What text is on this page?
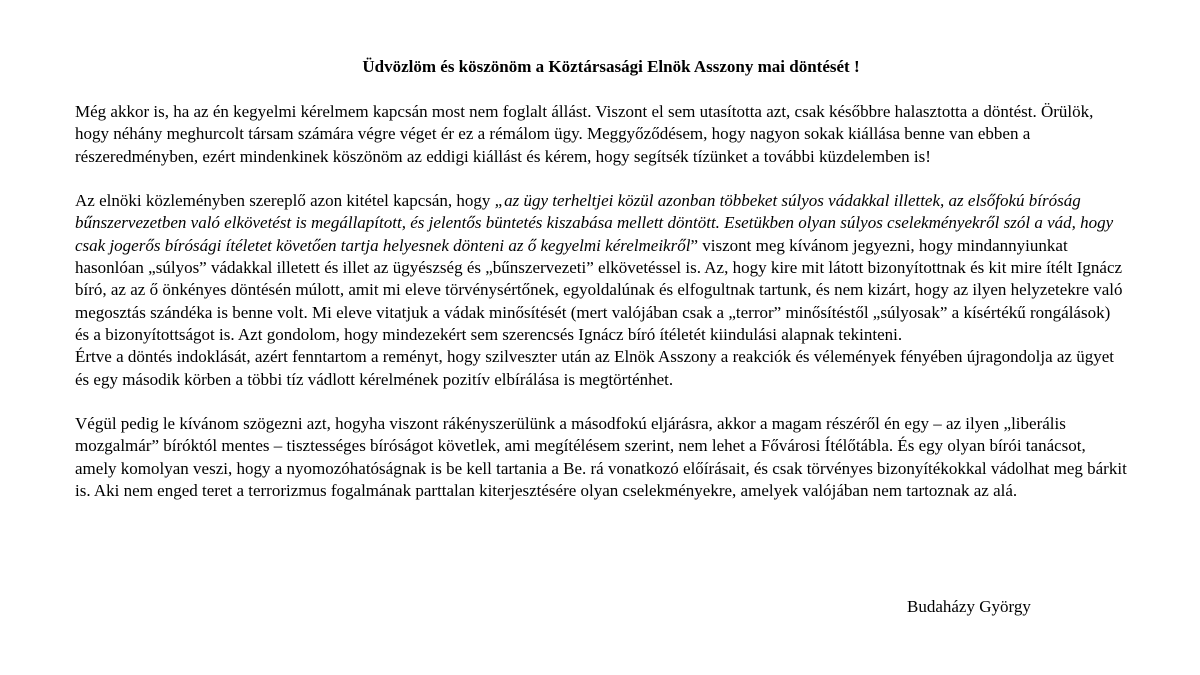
Üdvözlöm és köszönöm a Köztársasági Elnök Asszony mai döntését !
Még akkor is, ha az én kegyelmi kérelmem kapcsán most nem foglalt állást. Viszont el sem utasította azt, csak későbbre halasztotta a döntést. Örülök, hogy néhány meghurcolt társam számára végre véget ér ez a rémálom ügy. Meggyőződésem, hogy nagyon sokak kiállása benne van ebben a részeredményben, ezért mindenkinek köszönöm az eddigi kiállást és kérem, hogy segítsék tízünket a további küzdelemben is!
Az elnöki közleményben szereplő azon kitétel kapcsán, hogy „az ügy terheltjei közül azonban többeket súlyos vádakkal illettek, az elsőfokú bíróság bűnszervezetben való elkövetést is megállapított, és jelentős büntetés kiszabása mellett döntött. Esetükben olyan súlyos cselekményekről szól a vád, hogy csak jogerős bírósági ítéletet követően tartja helyesnek dönteni az ő kegyelmi kérelmeikről” viszont meg kívánom jegyezni, hogy mindannyiunkat hasonlóan „súlyos” vádakkal illetett és illet az ügyészség és „bűnszervezeti” elkövetéssel is. Az, hogy kire mit látott bizonyítottnak és kit mire ítélt Ignácz bíró, az az ő önkényes döntésén múlott, amit mi eleve törvénysértőnek, egyoldalúnak és elfogultnak tartunk, és nem kizárt, hogy az ilyen helyzetekre való megosztás szándéka is benne volt. Mi eleve vitatjuk a vádak minősítését (mert valójában csak a „terror” minősítéstől „súlyosak” a kísértékű rongálások) és a bizonyítottságot is. Azt gondolom, hogy mindezekért sem szerencsés Ignácz bíró ítéletét kiindulási alapnak tekinteni.
Értve a döntés indoklását, azért fenntartom a reményt, hogy szilveszter után az Elnök Asszony a reakciók és vélemények fényében újragondolja az ügyet és egy második körben a többi tíz vádlott kérelmének pozitív elbírálása is megtörténhet.
Végül pedig le kívánom szögezni azt, hogyha viszont rákényszerülünk a másodfokú eljárásra, akkor a magam részéről én egy – az ilyen „liberális mozgalmár” bíróktól mentes – tisztességes bíróságot követlek, ami megítélésem szerint, nem lehet a Fővárosi Ítélőtábla. És egy olyan bírói tanácsot, amely komolyan veszi, hogy a nyomozóhatóságnak is be kell tartania a Be. rá vonatkozó előírásait, és csak törvényes bizonyítékokkal vádolhat meg bárkit is. Aki nem enged teret a terrorizmus fogalmának parttalan kiterjesztésére olyan cselekményekre, amelyek valójában nem tartoznak az alá.
Budaházy György
